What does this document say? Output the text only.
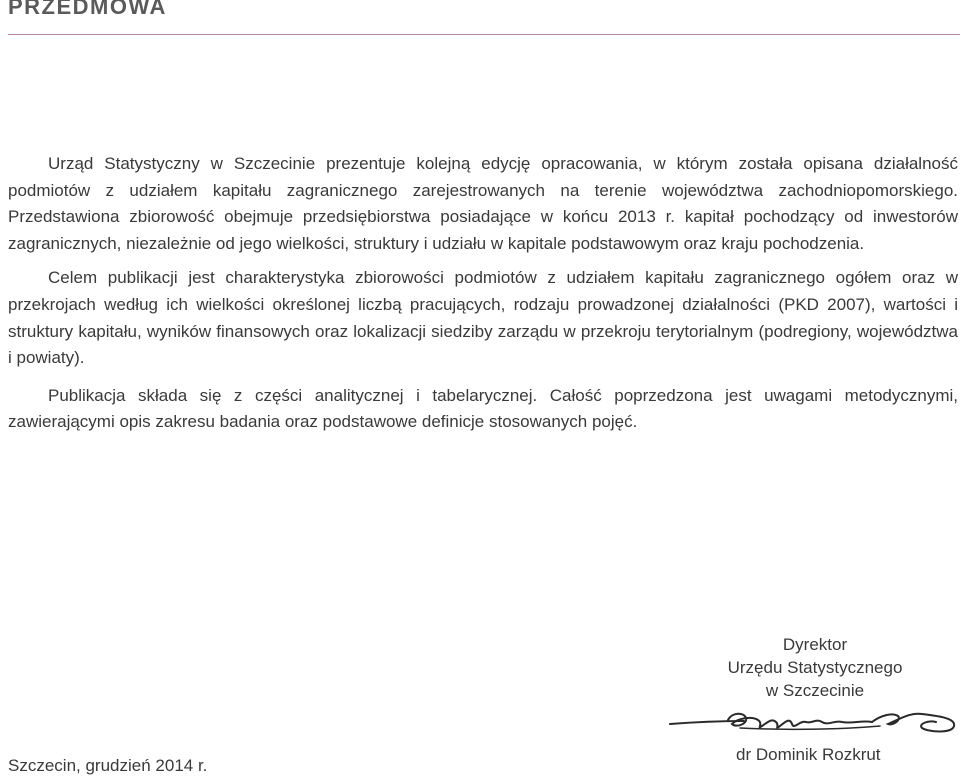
PRZEDMOWA

Urząd Statystyczny w Szczecinie prezentuje kolejną edycję opracowania, w którym została opisana działalność podmiotów z udziałem kapitału zagranicznego zarejestrowanych na terenie województwa zachodniopomorskiego. Przedstawiona zbiorowość obejmuje przedsiębiorstwa posiadające w końcu 2013 r. kapitał pochodzący od inwestorów zagranicznych, niezależnie od jego wielkości, struktury i udziału w kapitale podstawowym oraz kraju pochodzenia.

Celem publikacji jest charakterystyka zbiorowości podmiotów z udziałem kapitału zagranicznego ogółem oraz w przekrojach według ich wielkości określonej liczbą pracujących, rodzaju prowadzonej działalności (PKD 2007), wartości i struktury kapitału, wyników finansowych oraz lokalizacji siedziby zarządu w przekroju terytorialnym (podregiony, województwa i powiaty).

Publikacja składa się z części analitycznej i tabelarycznej. Całość poprzedzona jest uwagami metodycznymi, zawierającymi opis zakresu badania oraz podstawowe definicje stosowanych pojęć.

Dyrektor
Urzędu Statystycznego
w Szczecinie
dr Dominik Rozkrut
Szczecin, grudzień 2014 r.
